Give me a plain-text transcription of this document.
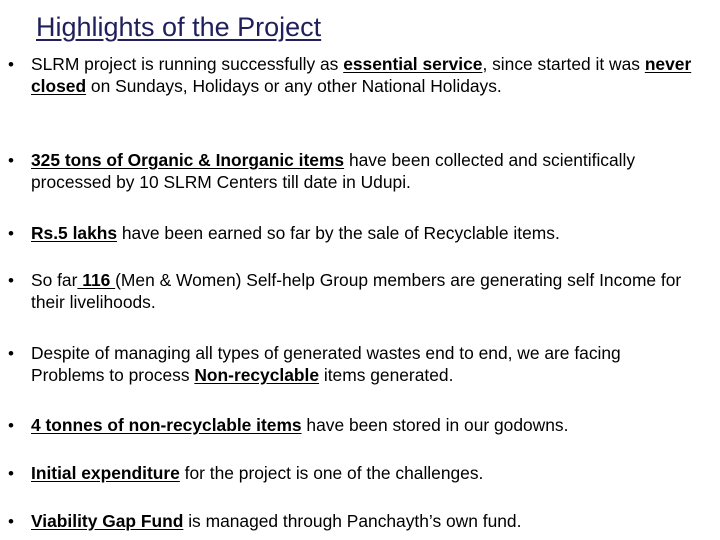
Highlights of the Project
• SLRM project is running successfully as essential service, since started it was never closed on Sundays, Holidays or any other National Holidays.
• 325 tons of Organic & Inorganic items have been collected and scientifically processed by 10 SLRM Centers till date in Udupi.
• Rs.5 lakhs have been earned so far by the sale of Recyclable items.
• So far 116 (Men & Women) Self-help Group members are generating self Income for their livelihoods.
• Despite of managing all types of generated wastes end to end, we are facing Problems to process Non-recyclable items generated.
• 4 tonnes of non-recyclable items have been stored in our godowns.
• Initial expenditure for the project is one of the challenges.
• Viability Gap Fund is managed through Panchayth’s own fund.
